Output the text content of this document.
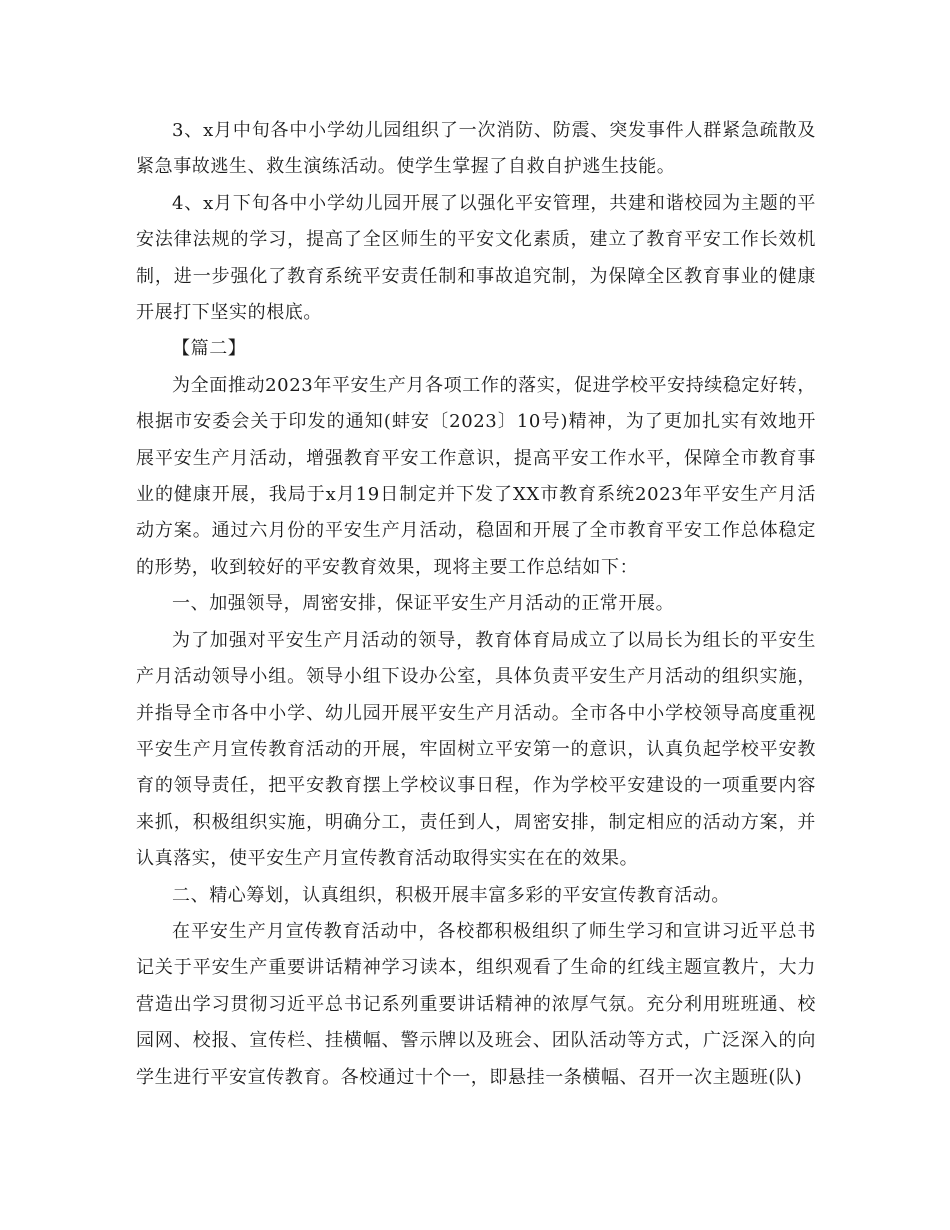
3、x月中旬各中小学幼儿园组织了一次消防、防震、突发事件人群紧急疏散及紧急事故逃生、救生演练活动。使学生掌握了自救自护逃生技能。

4、x月下旬各中小学幼儿园开展了以强化平安管理，共建和谐校园为主题的平安法律法规的学习，提高了全区师生的平安文化素质，建立了教育平安工作长效机制，进一步强化了教育系统平安责任制和事故追究制，为保障全区教育事业的健康开展打下坚实的根底。

【篇二】

为全面推动2023年平安生产月各项工作的落实，促进学校平安持续稳定好转，根据市安委会关于印发的通知(蚌安〔2023〕10号)精神，为了更加扎实有效地开展平安生产月活动，增强教育平安工作意识，提高平安工作水平，保障全市教育事业的健康开展，我局于x月19日制定并下发了XX市教育系统2023年平安生产月活动方案。通过六月份的平安生产月活动，稳固和开展了全市教育平安工作总体稳定的形势，收到较好的平安教育效果，现将主要工作总结如下：

一、加强领导，周密安排，保证平安生产月活动的正常开展。

为了加强对平安生产月活动的领导，教育体育局成立了以局长为组长的平安生产月活动领导小组。领导小组下设办公室，具体负责平安生产月活动的组织实施，并指导全市各中小学、幼儿园开展平安生产月活动。全市各中小学校领导高度重视平安生产月宣传教育活动的开展，牢固树立平安第一的意识，认真负起学校平安教育的领导责任，把平安教育摆上学校议事日程，作为学校平安建设的一项重要内容来抓，积极组织实施，明确分工，责任到人，周密安排，制定相应的活动方案，并认真落实，使平安生产月宣传教育活动取得实实在在的效果。

二、精心筹划，认真组织，积极开展丰富多彩的平安宣传教育活动。

在平安生产月宣传教育活动中，各校都积极组织了师生学习和宣讲习近平总书记关于平安生产重要讲话精神学习读本，组织观看了生命的红线主题宣教片，大力营造出学习贯彻习近平总书记系列重要讲话精神的浓厚气氛。充分利用班班通、校园网、校报、宣传栏、挂横幅、警示牌以及班会、团队活动等方式，广泛深入的向学生进行平安宣传教育。各校通过十个一，即悬挂一条横幅、召开一次主题班(队)
